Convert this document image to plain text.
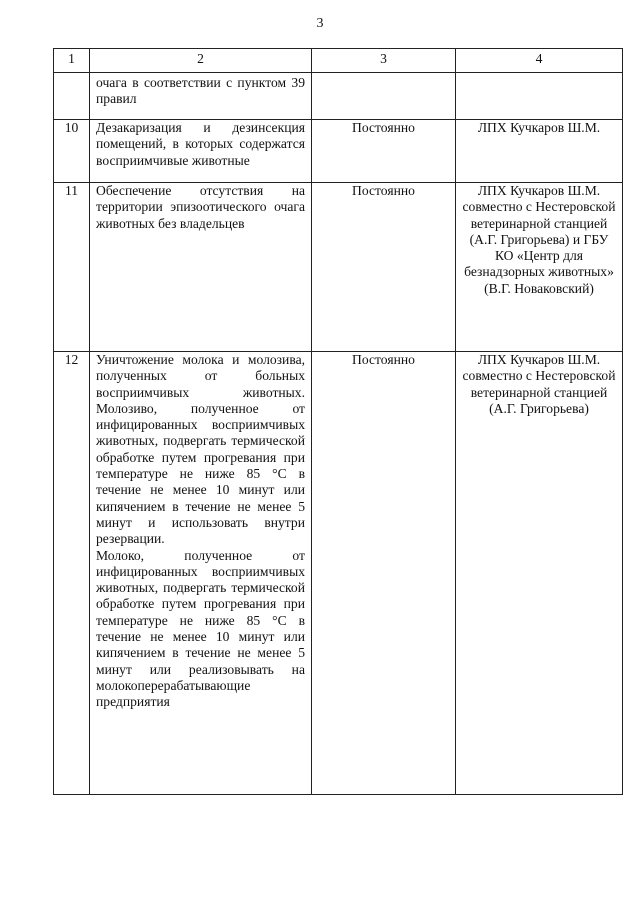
3
1	2	3	4

	очага в соответствии с пунктом 39 правил		

10	Дезакаризация и дезинсекция помещений, в которых содержатся восприимчивые животные	Постоянно	ЛПХ Кучкаров Ш.М.
11	Обеспечение отсутствия на территории эпизоотического очага животных без владельцев	Постоянно	ЛПХ Кучкаров Ш.М. совместно с Нестеровской ветеринарной станцией (А.Г. Григорьева) и ГБУ КО «Центр для безнадзорных животных» (В.Г. Новаковский)
12	Уничтожение молока и молозива, полученных от больных восприимчивых животных. Молозиво, полученное от инфицированных восприимчивых животных, подвергать термической обработке путем прогревания при температуре не ниже 85 °С в течение не менее 10 минут или кипячением в течение не менее 5 минут и использовать внутри резервации.
Молоко, полученное от инфицированных восприимчивых животных, подвергать термической обработке путем прогревания при температуре не ниже 85 °С в течение не менее 10 минут или кипячением в течение не менее 5 минут или реализовывать на молокоперерабатывающие предприятия	Постоянно	ЛПХ Кучкаров Ш.М. совместно с Нестеровской ветеринарной станцией (А.Г. Григорьева)
